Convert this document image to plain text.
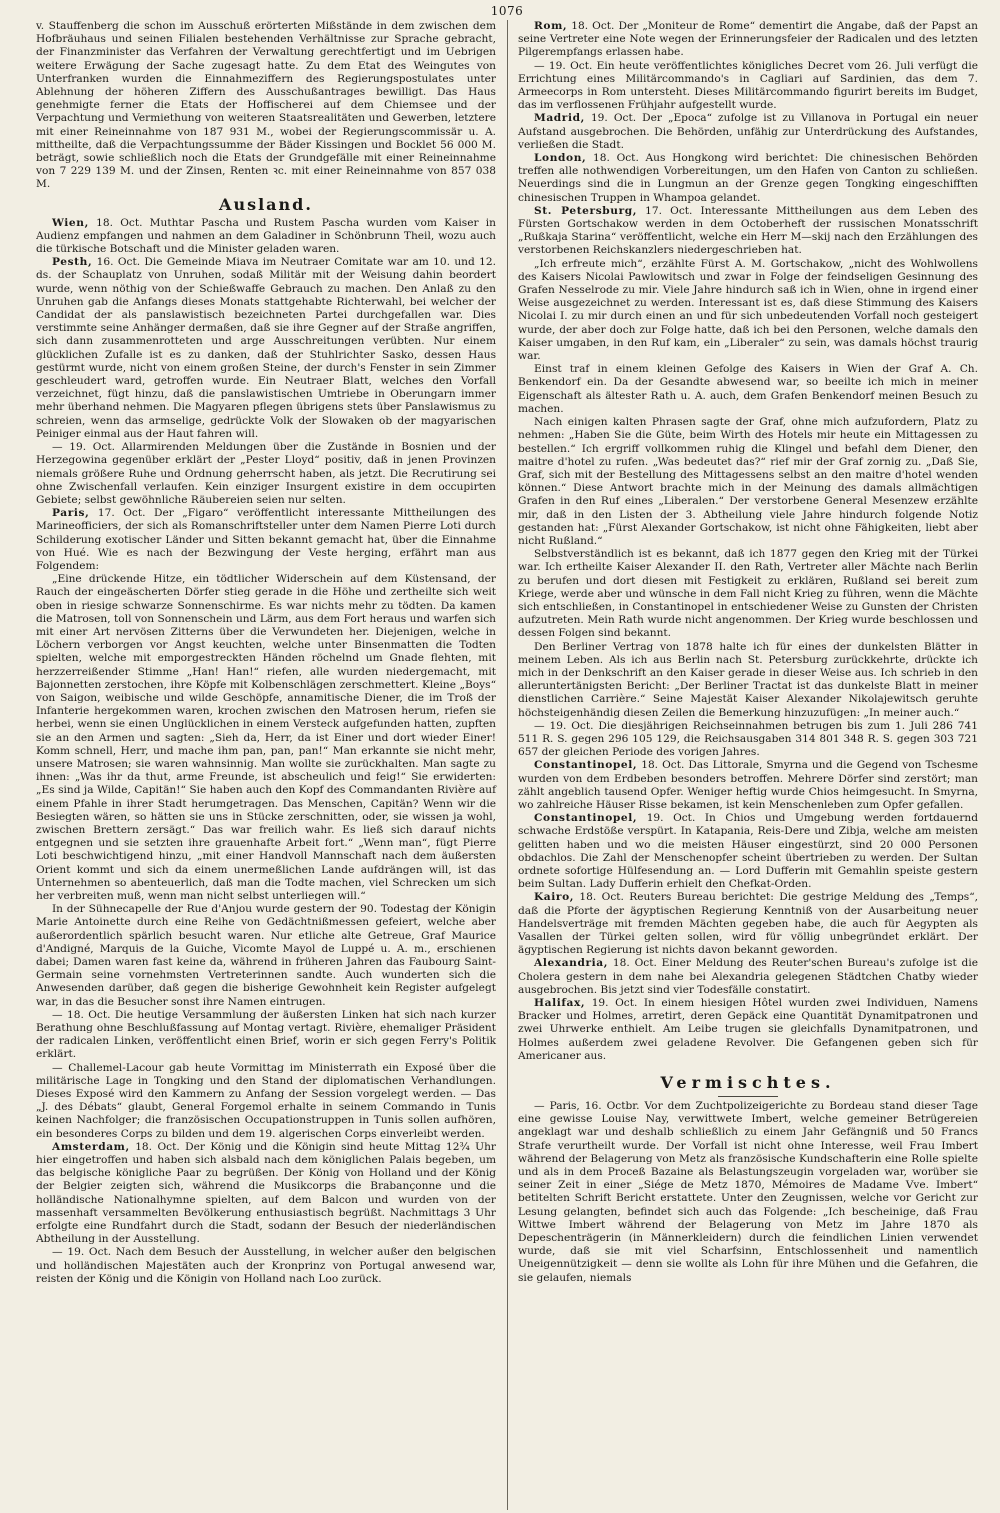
1076

v. Stauffenberg die schon im Ausschuß erörterten Mißstände in dem zwischen dem Hofbräuhaus und seinen Filialen bestehenden Verhältnisse zur Sprache gebracht, der Finanzminister das Verfahren der Verwaltung gerechtfertigt und im Uebrigen weitere Erwägung der Sache zugesagt hatte. Zu dem Etat des Weingutes von Unterfranken wurden die Einnahmeziffern des Regierungspostulates unter Ablehnung der höheren Ziffern des Ausschußantrages bewilligt. Das Haus genehmigte ferner die Etats der Hoffischerei auf dem Chiemsee und der Verpachtung und Vermiethung von weiteren Staatsrealitäten und Gewerben, letztere mit einer Reineinnahme von 187 931 M., wobei der Regierungscommissär u. A. mittheilte, daß die Verpachtungssumme der Bäder Kissingen und Bocklet 56 000 M. beträgt, sowie schließlich noch die Etats der Grundgefälle mit einer Reineinnahme von 7 229 139 M. und der Zinsen, Renten ꝛc. mit einer Reineinnahme von 857 038 M.

Ausland.

Wien, 18. Oct. Muthtar Pascha und Rustem Pascha wurden vom Kaiser in Audienz empfangen und nahmen an dem Galadiner in Schönbrunn Theil, wozu auch die türkische Botschaft und die Minister geladen waren.

Pesth, 16. Oct. Die Gemeinde Miava im Neutraer Comitate war am 10. und 12. ds. der Schauplatz von Unruhen, sodaß Militär mit der Weisung dahin beordert wurde, wenn nöthig von der Schießwaffe Gebrauch zu machen. Den Anlaß zu den Unruhen gab die Anfangs dieses Monats stattgehabte Richterwahl, bei welcher der Candidat der als panslawistisch bezeichneten Partei durchgefallen war. Dies verstimmte seine Anhänger dermaßen, daß sie ihre Gegner auf der Straße angriffen, sich dann zusammenrotteten und arge Ausschreitungen verübten. Nur einem glücklichen Zufalle ist es zu danken, daß der Stuhlrichter Sasko, dessen Haus gestürmt wurde, nicht von einem großen Steine, der durch's Fenster in sein Zimmer geschleudert ward, getroffen wurde. Ein Neutraer Blatt, welches den Vorfall verzeichnet, fügt hinzu, daß die panslawistischen Umtriebe in Oberungarn immer mehr überhand nehmen. Die Magyaren pflegen übrigens stets über Panslawismus zu schreien, wenn das armselige, gedrückte Volk der Slowaken ob der magyarischen Peiniger einmal aus der Haut fahren will.

— 19. Oct. Allarmirenden Meldungen über die Zustände in Bosnien und der Herzegowina gegenüber erklärt der „Pester Lloyd“ positiv, daß in jenen Provinzen niemals größere Ruhe und Ordnung geherrscht haben, als jetzt. Die Recrutirung sei ohne Zwischenfall verlaufen. Kein einziger Insurgent existire in dem occupirten Gebiete; selbst gewöhnliche Räubereien seien nur selten.

Paris, 17. Oct. Der „Figaro“ veröffentlicht interessante Mittheilungen des Marineofficiers, der sich als Romanschriftsteller unter dem Namen Pierre Loti durch Schilderung exotischer Länder und Sitten bekannt gemacht hat, über die Einnahme von Hué. Wie es nach der Bezwingung der Veste herging, erfährt man aus Folgendem:

„Eine drückende Hitze, ein tödtlicher Widerschein auf dem Küstensand, der Rauch der eingeäscherten Dörfer stieg gerade in die Höhe und zertheilte sich weit oben in riesige schwarze Sonnenschirme. Es war nichts mehr zu tödten. Da kamen die Matrosen, toll von Sonnenschein und Lärm, aus dem Fort heraus und warfen sich mit einer Art nervösen Zitterns über die Verwundeten her. Diejenigen, welche in Löchern verborgen vor Angst keuchten, welche unter Binsenmatten die Todten spielten, welche mit emporgestreckten Händen röchelnd um Gnade flehten, mit herzzerreißender Stimme „Han! Han!“ riefen, alle wurden niedergemacht, mit Bajonnetten zerstochen, ihre Köpfe mit Kolbenschlägen zerschmettert. Kleine „Boys“ von Saigon, weibische und wilde Geschöpfe, annamitische Diener, die im Troß der Infanterie hergekommen waren, krochen zwischen den Matrosen herum, riefen sie herbei, wenn sie einen Unglücklichen in einem Versteck aufgefunden hatten, zupften sie an den Armen und sagten: „Sieh da, Herr, da ist Einer und dort wieder Einer! Komm schnell, Herr, und mache ihm pan, pan, pan!“ Man erkannte sie nicht mehr, unsere Matrosen; sie waren wahnsinnig. Man wollte sie zurückhalten. Man sagte zu ihnen: „Was ihr da thut, arme Freunde, ist abscheulich und feig!“ Sie erwiderten: „Es sind ja Wilde, Capitän!“ Sie haben auch den Kopf des Commandanten Rivière auf einem Pfahle in ihrer Stadt herumgetragen. Das Menschen, Capitän? Wenn wir die Besiegten wären, so hätten sie uns in Stücke zerschnitten, oder, sie wissen ja wohl, zwischen Brettern zersägt.“ Das war freilich wahr. Es ließ sich darauf nichts entgegnen und sie setzten ihre grauenhafte Arbeit fort.“ „Wenn man“, fügt Pierre Loti beschwichtigend hinzu, „mit einer Handvoll Mannschaft nach dem äußersten Orient kommt und sich da einem unermeßlichen Lande aufdrängen will, ist das Unternehmen so abenteuerlich, daß man die Todte machen, viel Schrecken um sich her verbreiten muß, wenn man nicht selbst unterliegen will.“

In der Sühnecapelle der Rue d'Anjou wurde gestern der 90. Todestag der Königin Marie Antoinette durch eine Reihe von Gedächtnißmessen gefeiert, welche aber außerordentlich spärlich besucht waren. Nur etliche alte Getreue, Graf Maurice d'Andigné, Marquis de la Guiche, Vicomte Mayol de Luppé u. A. m., erschienen dabei; Damen waren fast keine da, während in früheren Jahren das Faubourg Saint-Germain seine vornehmsten Vertreterinnen sandte. Auch wunderten sich die Anwesenden darüber, daß gegen die bisherige Gewohnheit kein Register aufgelegt war, in das die Besucher sonst ihre Namen eintrugen.

— 18. Oct. Die heutige Versammlung der äußersten Linken hat sich nach kurzer Berathung ohne Beschlußfassung auf Montag vertagt. Rivière, ehemaliger Präsident der radicalen Linken, veröffentlicht einen Brief, worin er sich gegen Ferry's Politik erklärt.

— Challemel-Lacour gab heute Vormittag im Ministerrath ein Exposé über die militärische Lage in Tongking und den Stand der diplomatischen Verhandlungen. Dieses Exposé wird den Kammern zu Anfang der Session vorgelegt werden. — Das „J. des Débats“ glaubt, General Forgemol erhalte in seinem Commando in Tunis keinen Nachfolger; die französischen Occupationstruppen in Tunis sollen aufhören, ein besonderes Corps zu bilden und dem 19. algerischen Corps einverleibt werden.

Amsterdam, 18. Oct. Der König und die Königin sind heute Mittag 12¾ Uhr hier eingetroffen und haben sich alsbald nach dem königlichen Palais begeben, um das belgische königliche Paar zu begrüßen. Der König von Holland und der König der Belgier zeigten sich, während die Musikcorps die Brabançonne und die holländische Nationalhymne spielten, auf dem Balcon und wurden von der massenhaft versammelten Bevölkerung enthusiastisch begrüßt. Nachmittags 3 Uhr erfolgte eine Rundfahrt durch die Stadt, sodann der Besuch der niederländischen Abtheilung in der Ausstellung.

— 19. Oct. Nach dem Besuch der Ausstellung, in welcher außer den belgischen und holländischen Majestäten auch der Kronprinz von Portugal anwesend war, reisten der König und die Königin von Holland nach Loo zurück.

Rom, 18. Oct. Der „Moniteur de Rome“ dementirt die Angabe, daß der Papst an seine Vertreter eine Note wegen der Erinnerungsfeier der Radicalen und des letzten Pilgerempfangs erlassen habe.

— 19. Oct. Ein heute veröffentlichtes königliches Decret vom 26. Juli verfügt die Errichtung eines Militärcommando's in Cagliari auf Sardinien, das dem 7. Armeecorps in Rom untersteht. Dieses Militärcommando figurirt bereits im Budget, das im verflossenen Frühjahr aufgestellt wurde.

Madrid, 19. Oct. Der „Epoca“ zufolge ist zu Villanova in Portugal ein neuer Aufstand ausgebrochen. Die Behörden, unfähig zur Unterdrückung des Aufstandes, verließen die Stadt.

London, 18. Oct. Aus Hongkong wird berichtet: Die chinesischen Behörden treffen alle nothwendigen Vorbereitungen, um den Hafen von Canton zu schließen. Neuerdings sind die in Lungmun an der Grenze gegen Tongking eingeschifften chinesischen Truppen in Whampoa gelandet.

St. Petersburg, 17. Oct. Interessante Mittheilungen aus dem Leben des Fürsten Gortschakow werden in dem Octoberheft der russischen Monatsschrift „Rußkaja Starina“ veröffentlicht, welche ein Herr M—skij nach den Erzählungen des verstorbenen Reichskanzlers niedergeschrieben hat.

„Ich erfreute mich“, erzählte Fürst A. M. Gortschakow, „nicht des Wohlwollens des Kaisers Nicolai Pawlowitsch und zwar in Folge der feindseligen Gesinnung des Grafen Nesselrode zu mir. Viele Jahre hindurch saß ich in Wien, ohne in irgend einer Weise ausgezeichnet zu werden. Interessant ist es, daß diese Stimmung des Kaisers Nicolai I. zu mir durch einen an und für sich unbedeutenden Vorfall noch gesteigert wurde, der aber doch zur Folge hatte, daß ich bei den Personen, welche damals den Kaiser umgaben, in den Ruf kam, ein „Liberaler“ zu sein, was damals höchst traurig war.

Einst traf in einem kleinen Gefolge des Kaisers in Wien der Graf A. Ch. Benkendorf ein. Da der Gesandte abwesend war, so beeilte ich mich in meiner Eigenschaft als ältester Rath u. A. auch, dem Grafen Benkendorf meinen Besuch zu machen.

Nach einigen kalten Phrasen sagte der Graf, ohne mich aufzufordern, Platz zu nehmen: „Haben Sie die Güte, beim Wirth des Hotels mir heute ein Mittagessen zu bestellen.“ Ich ergriff vollkommen ruhig die Klingel und befahl dem Diener, den maitre d'hotel zu rufen. „Was bedeutet das?“ rief mir der Graf zornig zu. „Daß Sie, Graf, sich mit der Bestellung des Mittagessens selbst an den maitre d'hotel wenden können.“ Diese Antwort brachte mich in der Meinung des damals allmächtigen Grafen in den Ruf eines „Liberalen.“ Der verstorbene General Mesenzew erzählte mir, daß in den Listen der 3. Abtheilung viele Jahre hindurch folgende Notiz gestanden hat: „Fürst Alexander Gortschakow, ist nicht ohne Fähigkeiten, liebt aber nicht Rußland.“

Selbstverständlich ist es bekannt, daß ich 1877 gegen den Krieg mit der Türkei war. Ich ertheilte Kaiser Alexander II. den Rath, Vertreter aller Mächte nach Berlin zu berufen und dort diesen mit Festigkeit zu erklären, Rußland sei bereit zum Kriege, werde aber und wünsche in dem Fall nicht Krieg zu führen, wenn die Mächte sich entschließen, in Constantinopel in entschiedener Weise zu Gunsten der Christen aufzutreten. Mein Rath wurde nicht angenommen. Der Krieg wurde beschlossen und dessen Folgen sind bekannt.

Den Berliner Vertrag von 1878 halte ich für eines der dunkelsten Blätter in meinem Leben. Als ich aus Berlin nach St. Petersburg zurückkehrte, drückte ich mich in der Denkschrift an den Kaiser gerade in dieser Weise aus. Ich schrieb in den alleruntertänigsten Bericht: „Der Berliner Tractat ist das dunkelste Blatt in meiner dienstlichen Carrière.“ Seine Majestät Kaiser Alexander Nikolajewitsch geruhte höchsteigenhändig diesen Zeilen die Bemerkung hinzuzufügen: „In meiner auch.“

— 19. Oct. Die diesjährigen Reichseinnahmen betrugen bis zum 1. Juli 286 741 511 R. S. gegen 296 105 129, die Reichsausgaben 314 801 348 R. S. gegen 303 721 657 der gleichen Periode des vorigen Jahres.

Constantinopel, 18. Oct. Das Littorale, Smyrna und die Gegend von Tschesme wurden von dem Erdbeben besonders betroffen. Mehrere Dörfer sind zerstört; man zählt angeblich tausend Opfer. Weniger heftig wurde Chios heimgesucht. In Smyrna, wo zahlreiche Häuser Risse bekamen, ist kein Menschenleben zum Opfer gefallen.

Constantinopel, 19. Oct. In Chios und Umgebung werden fortdauernd schwache Erdstöße verspürt. In Katapania, Reis-Dere und Zibja, welche am meisten gelitten haben und wo die meisten Häuser eingestürzt, sind 20 000 Personen obdachlos. Die Zahl der Menschenopfer scheint übertrieben zu werden. Der Sultan ordnete sofortige Hülfesendung an. — Lord Dufferin mit Gemahlin speiste gestern beim Sultan. Lady Dufferin erhielt den Chefkat-Orden.

Kairo, 18. Oct. Reuters Bureau berichtet: Die gestrige Meldung des „Temps“, daß die Pforte der ägyptischen Regierung Kenntniß von der Ausarbeitung neuer Handelsverträge mit fremden Mächten gegeben habe, die auch für Aegypten als Vasallen der Türkei gelten sollen, wird für völlig unbegründet erklärt. Der ägyptischen Regierung ist nichts davon bekannt geworden.

Alexandria, 18. Oct. Einer Meldung des Reuter'schen Bureau's zufolge ist die Cholera gestern in dem nahe bei Alexandria gelegenen Städtchen Chatby wieder ausgebrochen. Bis jetzt sind vier Todesfälle constatirt.

Halifax, 19. Oct. In einem hiesigen Hôtel wurden zwei Individuen, Namens Bracker und Holmes, arretirt, deren Gepäck eine Quantität Dynamitpatronen und zwei Uhrwerke enthielt. Am Leibe trugen sie gleichfalls Dynamitpatronen, und Holmes außerdem zwei geladene Revolver. Die Gefangenen geben sich für Americaner aus.

Vermischtes.

— Paris, 16. Octbr. Vor dem Zuchtpolizeigerichte zu Bordeau stand dieser Tage eine gewisse Louise Nay, verwittwete Imbert, welche gemeiner Betrügereien angeklagt war und deshalb schließlich zu einem Jahr Gefängniß und 50 Francs Strafe verurtheilt wurde. Der Vorfall ist nicht ohne Interesse, weil Frau Imbert während der Belagerung von Metz als französische Kundschafterin eine Rolle spielte und als in dem Proceß Bazaine als Belastungszeugin vorgeladen war, worüber sie seiner Zeit in einer „Siége de Metz 1870, Mémoires de Madame Vve. Imbert“ betitelten Schrift Bericht erstattete. Unter den Zeugnissen, welche vor Gericht zur Lesung gelangten, befindet sich auch das Folgende: „Ich bescheinige, daß Frau Wittwe Imbert während der Belagerung von Metz im Jahre 1870 als Depeschenträgerin (in Männerkleidern) durch die feindlichen Linien verwendet wurde, daß sie mit viel Scharfsinn, Entschlossenheit und namentlich Uneigennützigkeit — denn sie wollte als Lohn für ihre Mühen und die Gefahren, die sie gelaufen, niemals
